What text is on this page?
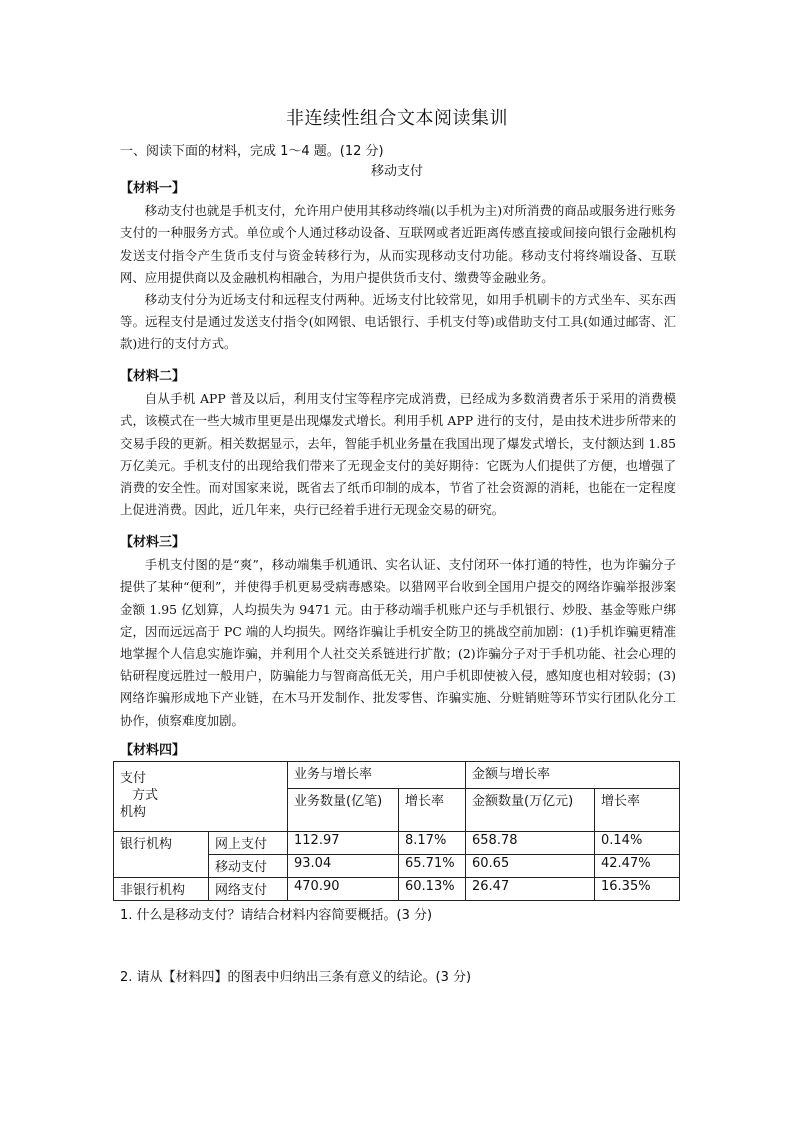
非连续性组合文本阅读集训
一、阅读下面的材料，完成 1～4 题。(12 分)
移动支付
【材料一】

移动支付也就是手机支付，允许用户使用其移动终端(以手机为主)对所消费的商品或服务进行账务支付的一种服务方式。单位或个人通过移动设备、互联网或者近距离传感直接或间接向银行金融机构发送支付指令产生货币支付与资金转移行为，从而实现移动支付功能。移动支付将终端设备、互联网、应用提供商以及金融机构相融合，为用户提供货币支付、缴费等金融业务。

移动支付分为近场支付和远程支付两种。近场支付比较常见，如用手机刷卡的方式坐车、买东西等。远程支付是通过发送支付指令(如网银、电话银行、手机支付等)或借助支付工具(如通过邮寄、汇款)进行的支付方式。

【材料二】

自从手机 APP 普及以后，利用支付宝等程序完成消费，已经成为多数消费者乐于采用的消费模式，该模式在一些大城市里更是出现爆发式增长。利用手机 APP 进行的支付，是由技术进步所带来的交易手段的更新。相关数据显示，去年，智能手机业务量在我国出现了爆发式增长，支付额达到 1.85 万亿美元。手机支付的出现给我们带来了无现金支付的美好期待：它既为人们提供了方便，也增强了消费的安全性。而对国家来说，既省去了纸币印制的成本，节省了社会资源的消耗，也能在一定程度上促进消费。因此，近几年来，央行已经着手进行无现金交易的研究。

【材料三】

手机支付图的是“爽”，移动端集手机通讯、实名认证、支付闭环一体打通的特性，也为诈骗分子提供了某种“便利”，并使得手机更易受病毒感染。以猎网平台收到全国用户提交的网络诈骗举报涉案金额 1.95 亿划算，人均损失为 9471 元。由于移动端手机账户还与手机银行、炒股、基金等账户绑定，因而远远高于 PC 端的人均损失。网络诈骗让手机安全防卫的挑战空前加剧：(1)手机诈骗更精准地掌握个人信息实施诈骗，并利用个人社交关系链进行扩散；(2)诈骗分子对于手机功能、社会心理的钻研程度远胜过一般用户，防骗能力与智商高低无关，用户手机即使被入侵，感知度也相对较弱；(3)网络诈骗形成地下产业链，在木马开发制作、批发零售、诈骗实施、分赃销赃等环节实行团队化分工协作，侦察难度加剧。

【材料四】
支付
方式
机构		业务与增长率		金额与增长率	
		业务数量(亿笔)	增长率	金额数量(万亿元)	增长率
银行机构	网上支付	112.97	8.17%	658.78	0.14%
	移动支付	93.04	65.71%	60.65	42.47%
非银行机构	网络支付	470.90	60.13%	26.47	16.35%
1. 什么是移动支付？请结合材料内容简要概括。(3 分)
2. 请从【材料四】的图表中归纳出三条有意义的结论。(3 分)
